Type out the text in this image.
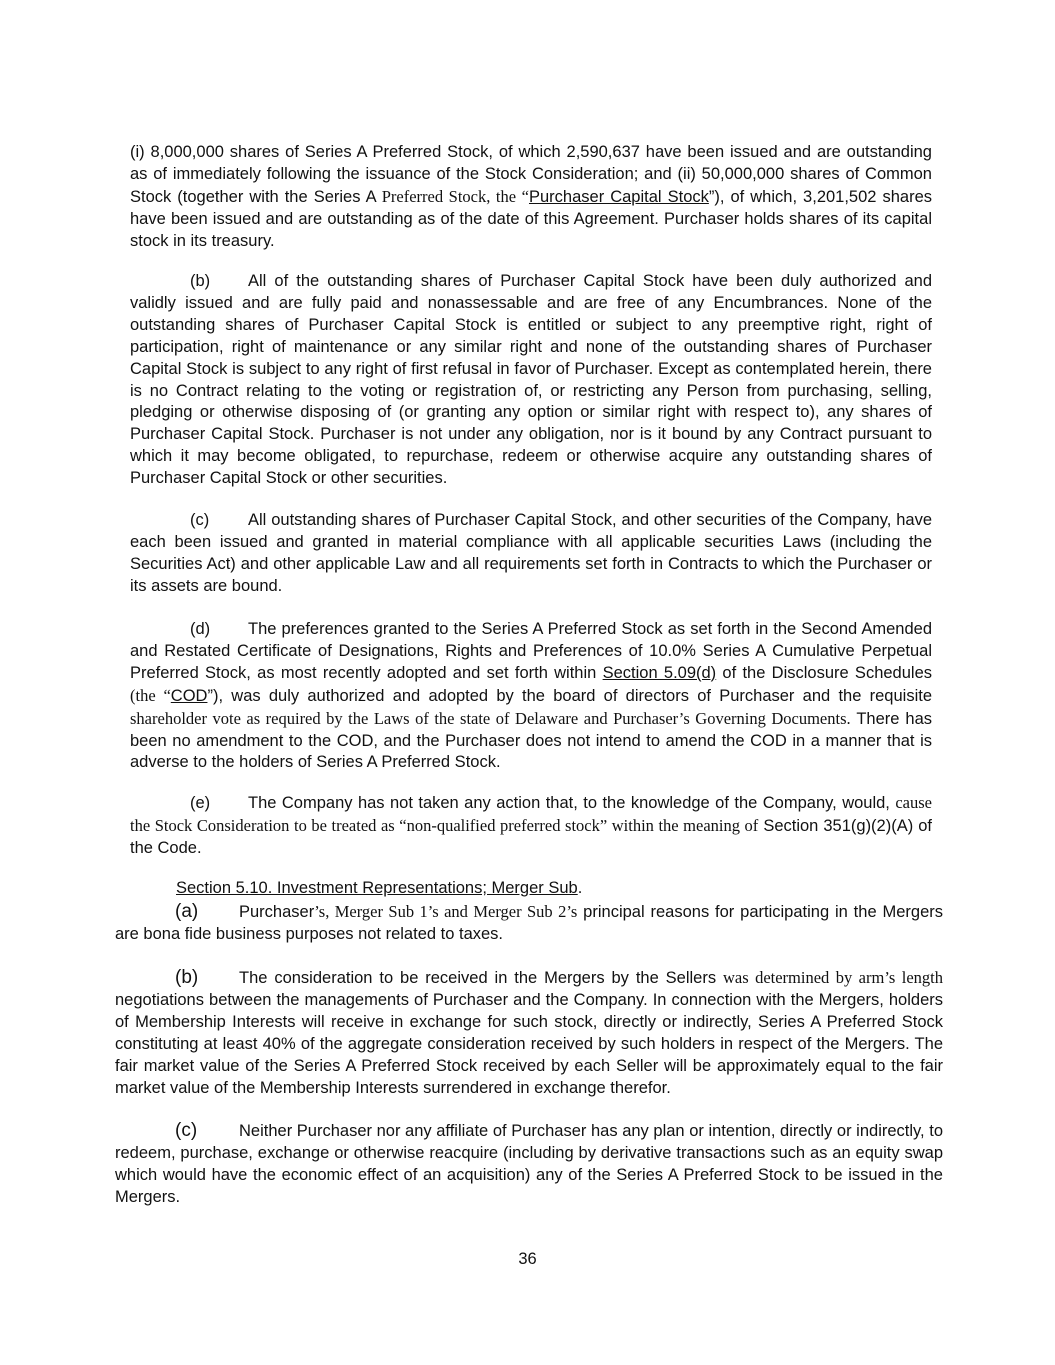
(i) 8,000,000 shares of Series A Preferred Stock, of which 2,590,637 have been issued and are outstanding as of immediately following the issuance of the Stock Consideration; and (ii) 50,000,000 shares of Common Stock (together with the Series A Preferred Stock, the “Purchaser Capital Stock”), of which, 3,201,502 shares have been issued and are outstanding as of the date of this Agreement. Purchaser holds shares of its capital stock in its treasury.

(b) All of the outstanding shares of Purchaser Capital Stock have been duly authorized and validly issued and are fully paid and nonassessable and are free of any Encumbrances. None of the outstanding shares of Purchaser Capital Stock is entitled or subject to any preemptive right, right of participation, right of maintenance or any similar right and none of the outstanding shares of Purchaser Capital Stock is subject to any right of first refusal in favor of Purchaser. Except as contemplated herein, there is no Contract relating to the voting or registration of, or restricting any Person from purchasing, selling, pledging or otherwise disposing of (or granting any option or similar right with respect to), any shares of Purchaser Capital Stock. Purchaser is not under any obligation, nor is it bound by any Contract pursuant to which it may become obligated, to repurchase, redeem or otherwise acquire any outstanding shares of Purchaser Capital Stock or other securities.

(c) All outstanding shares of Purchaser Capital Stock, and other securities of the Company, have each been issued and granted in material compliance with all applicable securities Laws (including the Securities Act) and other applicable Law and all requirements set forth in Contracts to which the Purchaser or its assets are bound.

(d) The preferences granted to the Series A Preferred Stock as set forth in the Second Amended and Restated Certificate of Designations, Rights and Preferences of 10.0% Series A Cumulative Perpetual Preferred Stock, as most recently adopted and set forth within Section 5.09(d) of the Disclosure Schedules (the “COD”), was duly authorized and adopted by the board of directors of Purchaser and the requisite shareholder vote as required by the Laws of the state of Delaware and Purchaser’s Governing Documents. There has been no amendment to the COD, and the Purchaser does not intend to amend the COD in a manner that is adverse to the holders of Series A Preferred Stock.

(e) The Company has not taken any action that, to the knowledge of the Company, would, cause the Stock Consideration to be treated as “non-qualified preferred stock” within the meaning of Section 351(g)(2)(A) of the Code.

Section 5.10. Investment Representations; Merger Sub.

(a) Purchaser’s, Merger Sub 1’s and Merger Sub 2’s principal reasons for participating in the Mergers are bona fide business purposes not related to taxes.

(b) The consideration to be received in the Mergers by the Sellers was determined by arm’s length negotiations between the managements of Purchaser and the Company. In connection with the Mergers, holders of Membership Interests will receive in exchange for such stock, directly or indirectly, Series A Preferred Stock constituting at least 40% of the aggregate consideration received by such holders in respect of the Mergers. The fair market value of the Series A Preferred Stock received by each Seller will be approximately equal to the fair market value of the Membership Interests surrendered in exchange therefor.

(c)	Neither Purchaser nor any affiliate of Purchaser has any plan or intention, directly or indirectly, to redeem, purchase, exchange or otherwise reacquire (including by derivative transactions such as an equity swap which would have the economic effect of an acquisition) any of the Series A Preferred Stock to be issued in the Mergers.

36
